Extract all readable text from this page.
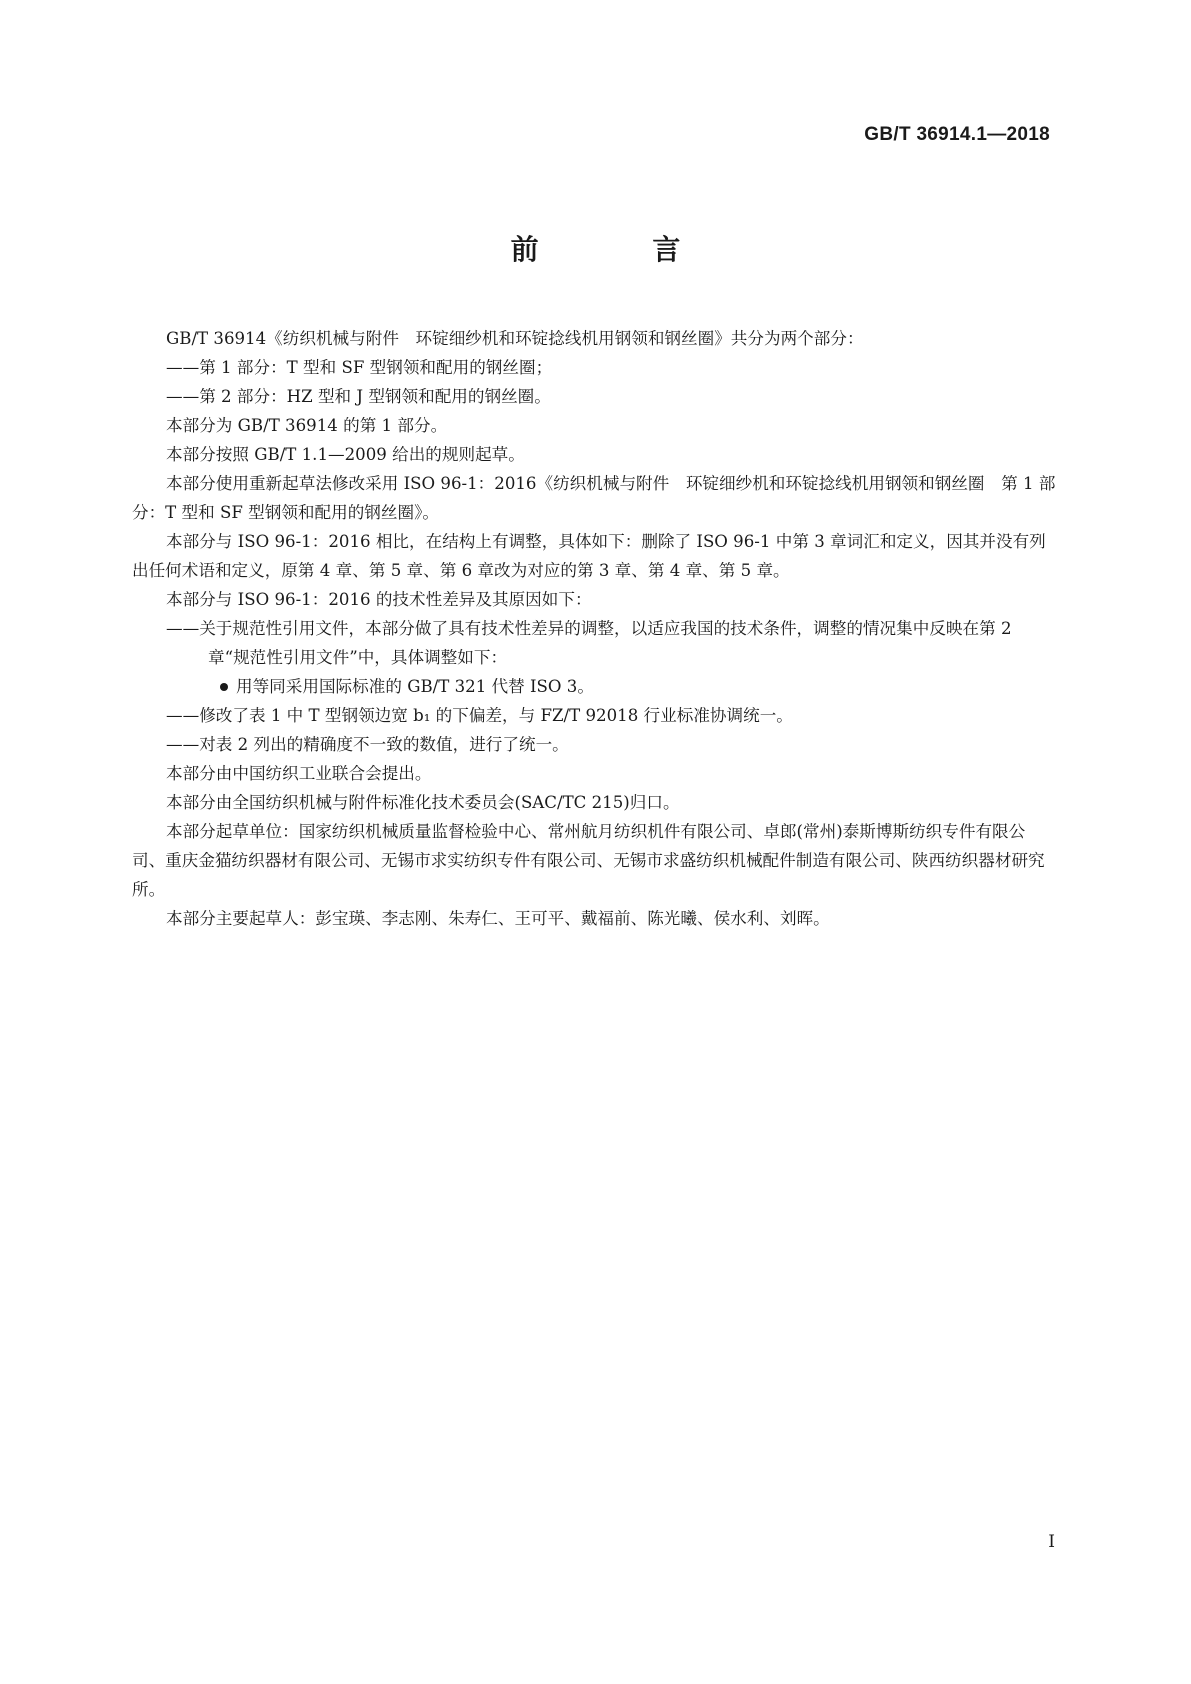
GB/T 36914.1—2018
前 言

GB/T 36914《纺织机械与附件　环锭细纱机和环锭捻线机用钢领和钢丝圈》共分为两个部分：

——第 1 部分：T 型和 SF 型钢领和配用的钢丝圈；

——第 2 部分：HZ 型和 J 型钢领和配用的钢丝圈。

本部分为 GB/T 36914 的第 1 部分。

本部分按照 GB/T 1.1—2009 给出的规则起草。

本部分使用重新起草法修改采用 ISO 96-1：2016《纺织机械与附件　环锭细纱机和环锭捻线机用钢领和钢丝圈　第 1 部分：T 型和 SF 型钢领和配用的钢丝圈》。

本部分与 ISO 96-1：2016 相比，在结构上有调整，具体如下：删除了 ISO 96-1 中第 3 章词汇和定义，因其并没有列出任何术语和定义，原第 4 章、第 5 章、第 6 章改为对应的第 3 章、第 4 章、第 5 章。

本部分与 ISO 96-1：2016 的技术性差异及其原因如下：

——关于规范性引用文件，本部分做了具有技术性差异的调整，以适应我国的技术条件，调整的情况集中反映在第 2 章“规范性引用文件”中，具体调整如下：

用等同采用国际标准的 GB/T 321 代替 ISO 3。

——修改了表 1 中 T 型钢领边宽 b₁ 的下偏差，与 FZ/T 92018 行业标准协调统一。

——对表 2 列出的精确度不一致的数值，进行了统一。

本部分由中国纺织工业联合会提出。

本部分由全国纺织机械与附件标准化技术委员会(SAC/TC 215)归口。

本部分起草单位：国家纺织机械质量监督检验中心、常州航月纺织机件有限公司、卓郎(常州)泰斯博斯纺织专件有限公司、重庆金猫纺织器材有限公司、无锡市求实纺织专件有限公司、无锡市求盛纺织机械配件制造有限公司、陕西纺织器材研究所。

本部分主要起草人：彭宝瑛、李志刚、朱寿仁、王可平、戴福前、陈光曦、侯水利、刘晖。

I
